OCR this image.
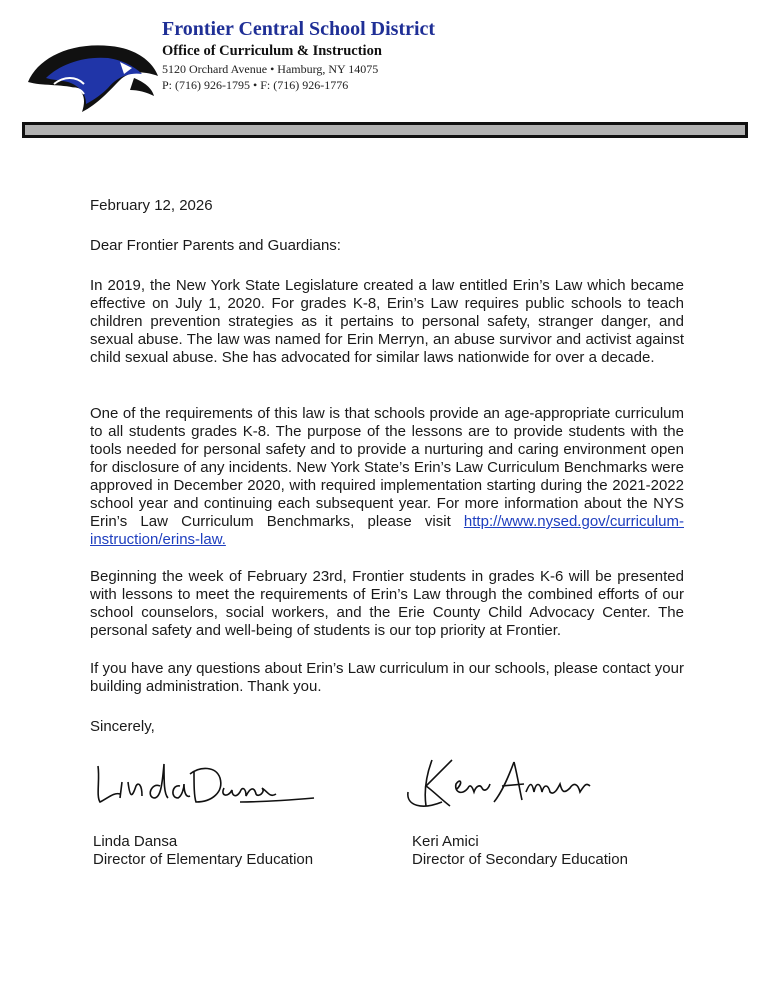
Frontier Central School District
Office of Curriculum & Instruction
5120 Orchard Avenue • Hamburg, NY 14075
P: (716) 926-1795 • F: (716) 926-1776
February 12, 2026
Dear Frontier Parents and Guardians:

In 2019, the New York State Legislature created a law entitled Erin’s Law which became effective on July 1, 2020. For grades K-8, Erin’s Law requires public schools to teach children prevention strategies as it pertains to personal safety, stranger danger, and sexual abuse. The law was named for Erin Merryn, an abuse survivor and activist against child sexual abuse. She has advocated for similar laws nationwide for over a decade.

One of the requirements of this law is that schools provide an age-appropriate curriculum to all students grades K-8. The purpose of the lessons are to provide students with the tools needed for personal safety and to provide a nurturing and caring environment open for disclosure of any incidents. New York State’s Erin’s Law Curriculum Benchmarks were approved in December 2020, with required implementation starting during the 2021-2022 school year and continuing each subsequent year. For more information about the NYS Erin’s Law Curriculum Benchmarks, please visit http://www.nysed.gov/curriculum-instruction/erins-law.

Beginning the week of February 23rd, Frontier students in grades K-6 will be presented with lessons to meet the requirements of Erin’s Law through the combined efforts of our school counselors, social workers, and the Erie County Child Advocacy Center. The personal safety and well-being of students is our top priority at Frontier.

If you have any questions about Erin’s Law curriculum in our schools, please contact your building administration. Thank you.

Sincerely,
Linda Dansa
Director of Elementary Education
Keri Amici
Director of Secondary Education
